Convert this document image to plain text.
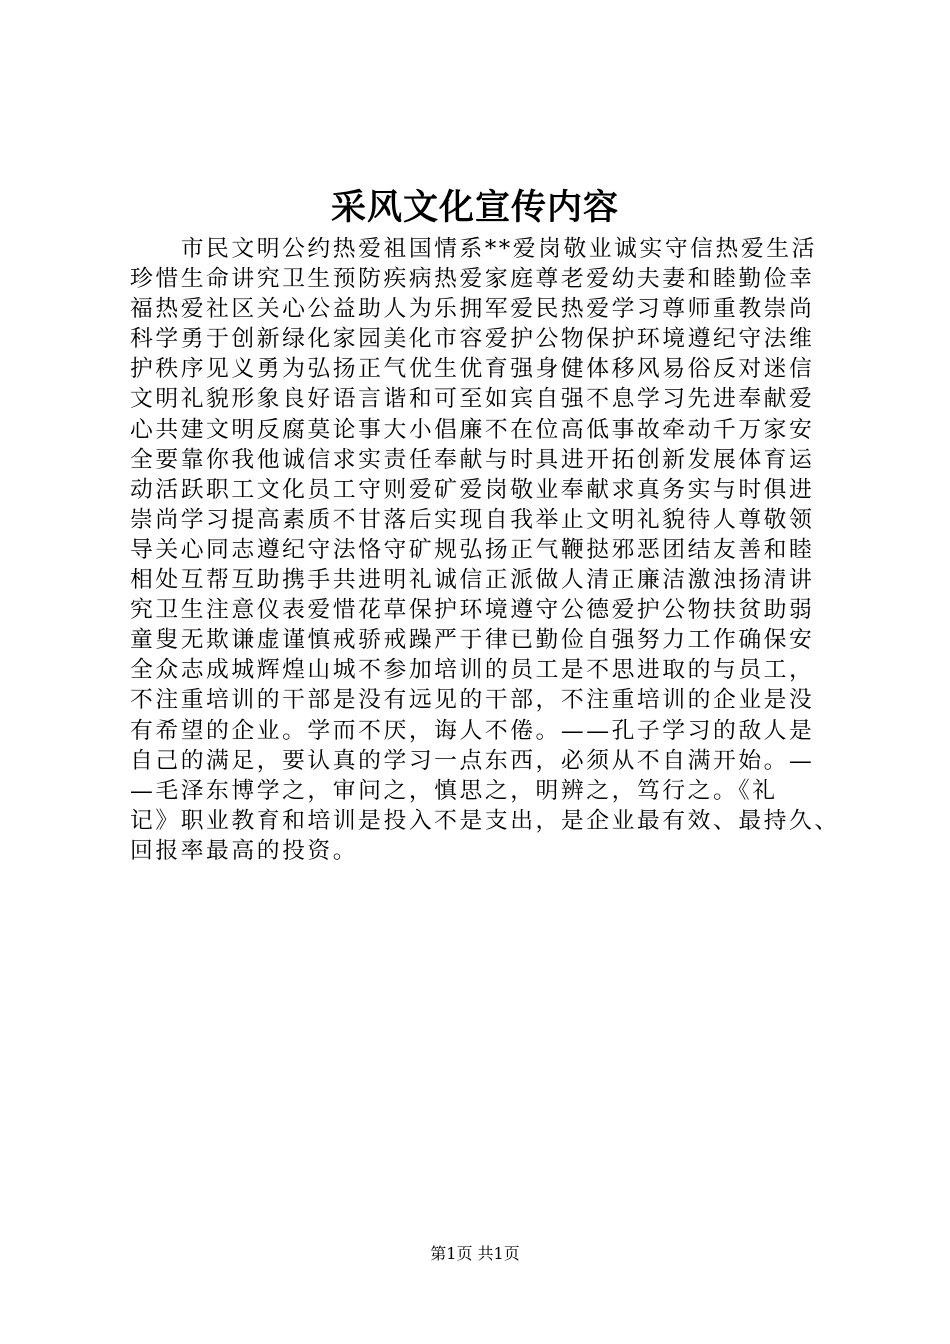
采风文化宣传内容
　　市民文明公约热爱祖国情系**爱岗敬业诚实守信热爱生活
珍惜生命讲究卫生预防疾病热爱家庭尊老爱幼夫妻和睦勤俭幸
福热爱社区关心公益助人为乐拥军爱民热爱学习尊师重教崇尚
科学勇于创新绿化家园美化市容爱护公物保护环境遵纪守法维
护秩序见义勇为弘扬正气优生优育强身健体移风易俗反对迷信
文明礼貌形象良好语言谐和可至如宾自强不息学习先进奉献爱
心共建文明反腐莫论事大小倡廉不在位高低事故牵动千万家安
全要靠你我他诚信求实责任奉献与时具进开拓创新发展体育运
动活跃职工文化员工守则爱矿爱岗敬业奉献求真务实与时俱进
崇尚学习提高素质不甘落后实现自我举止文明礼貌待人尊敬领
导关心同志遵纪守法恪守矿规弘扬正气鞭挞邪恶团结友善和睦
相处互帮互助携手共进明礼诚信正派做人清正廉洁激浊扬清讲
究卫生注意仪表爱惜花草保护环境遵守公德爱护公物扶贫助弱
童叟无欺谦虚谨慎戒骄戒躁严于律已勤俭自强努力工作确保安
全众志成城辉煌山城不参加培训的员工是不思进取的与员工，
不注重培训的干部是没有远见的干部，不注重培训的企业是没
有希望的企业。学而不厌，诲人不倦。——孔子学习的敌人是
自己的满足，要认真的学习一点东西，必须从不自满开始。—
—毛泽东博学之，审问之，慎思之，明辨之，笃行之。《礼
记》职业教育和培训是投入不是支出，是企业最有效、最持久、
回报率最高的投资。
第1页 共1页
